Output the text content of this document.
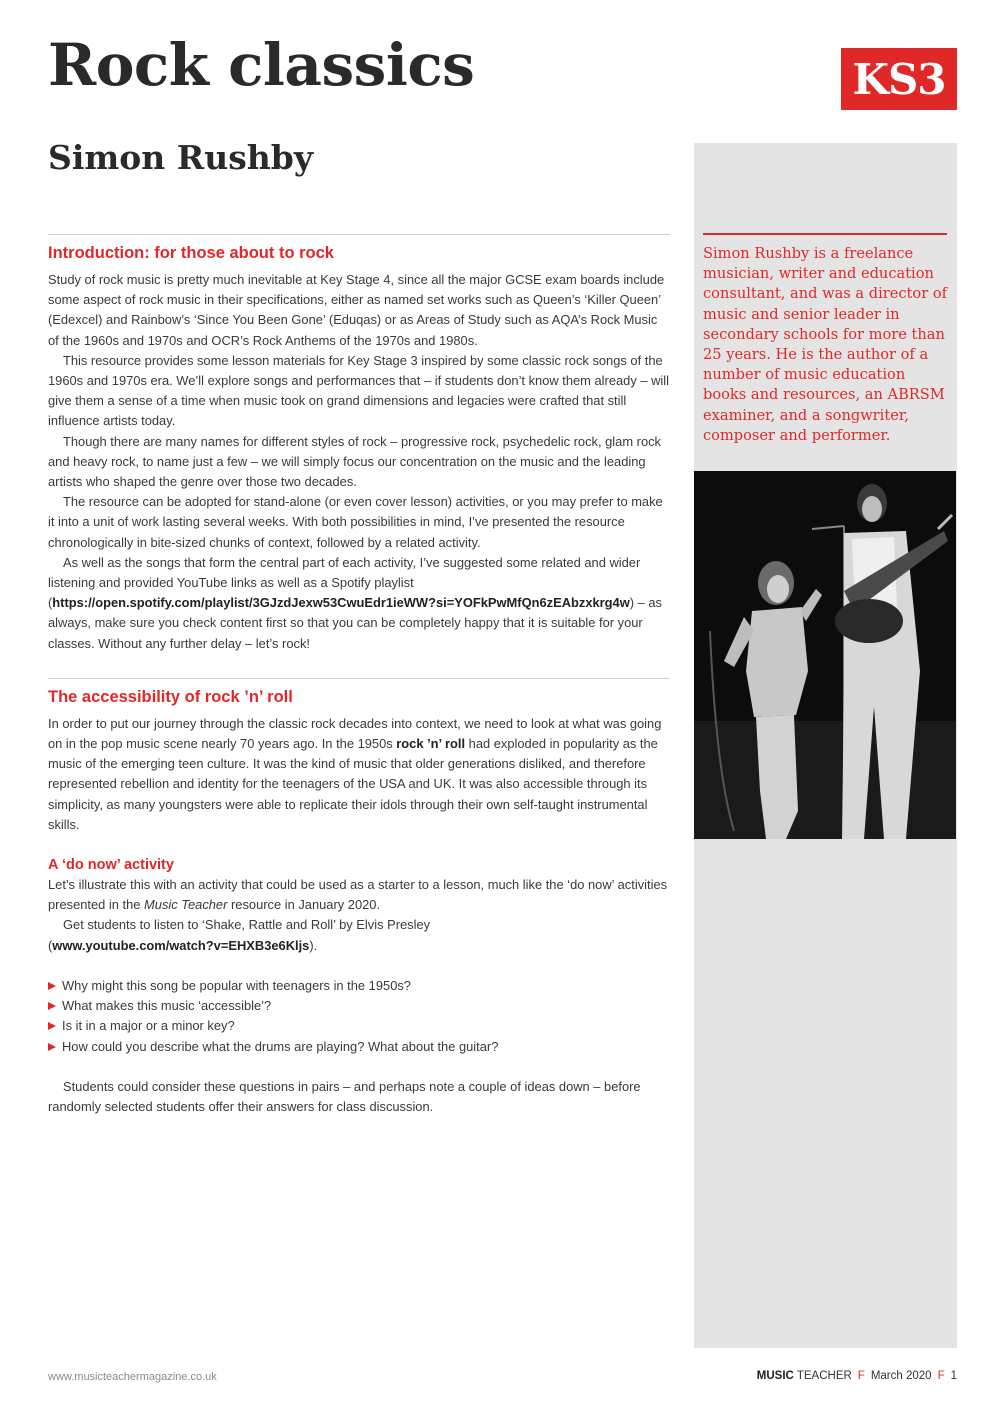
Rock classics	KS3
Simon Rushby

Simon Rushby is a freelance musician, writer and education consultant, and was a director of music and senior leader in secondary schools for more than 25 years. He is the author of a number of music education books and resources, an ABRSM examiner, and a songwriter, composer and performer.

Introduction: for those about to rock

Study of rock music is pretty much inevitable at Key Stage 4, since all the major GCSE exam boards include some aspect of rock music in their specifications, either as named set works such as Queen’s ‘Killer Queen’ (Edexcel) and Rainbow’s ‘Since You Been Gone’ (Eduqas) or as Areas of Study such as AQA’s Rock Music of the 1960s and 1970s and OCR’s Rock Anthems of the 1970s and 1980s.

This resource provides some lesson materials for Key Stage 3 inspired by some classic rock songs of the 1960s and 1970s era. We’ll explore songs and performances that – if students don’t know them already – will give them a sense of a time when music took on grand dimensions and legacies were crafted that still influence artists today.

Though there are many names for different styles of rock – progressive rock, psychedelic rock, glam rock and heavy rock, to name just a few – we will simply focus our concentration on the music and the leading artists who shaped the genre over those two decades.

The resource can be adopted for stand-alone (or even cover lesson) activities, or you may prefer to make it into a unit of work lasting several weeks. With both possibilities in mind, I’ve presented the resource chronologically in bite-sized chunks of context, followed by a related activity.

As well as the songs that form the central part of each activity, I’ve suggested some related and wider listening and provided YouTube links as well as a Spotify playlist (https://open.spotify.com/playlist/3GJzdJexw53CwuEdr1ieWW?si=YOFkPwMfQn6zEAbzxkrg4w) – as always, make sure you check content first so that you can be completely happy that it is suitable for your classes. Without any further delay – let’s rock!

The accessibility of rock ’n’ roll

In order to put our journey through the classic rock decades into context, we need to look at what was going on in the pop music scene nearly 70 years ago. In the 1950s rock ’n’ roll had exploded in popularity as the music of the emerging teen culture. It was the kind of music that older generations disliked, and therefore represented rebellion and identity for the teenagers of the USA and UK. It was also accessible through its simplicity, as many youngsters were able to replicate their idols through their own self-taught instrumental skills.

A ‘do now’ activity

Let’s illustrate this with an activity that could be used as a starter to a lesson, much like the ‘do now’ activities presented in the Music Teacher resource in January 2020.

Get students to listen to ‘Shake, Rattle and Roll’ by Elvis Presley (www.youtube.com/watch?v=EHXB3e6Kljs).

Why might this song be popular with teenagers in the 1950s?
What makes this music ‘accessible’?
Is it in a major or a minor key?
How could you describe what the drums are playing? What about the guitar?

Students could consider these questions in pairs – and perhaps note a couple of ideas down – before randomly selected students offer their answers for class discussion.

www.musicteachermagazine.co.uk	MUSIC TEACHER F March 2020 F 1
